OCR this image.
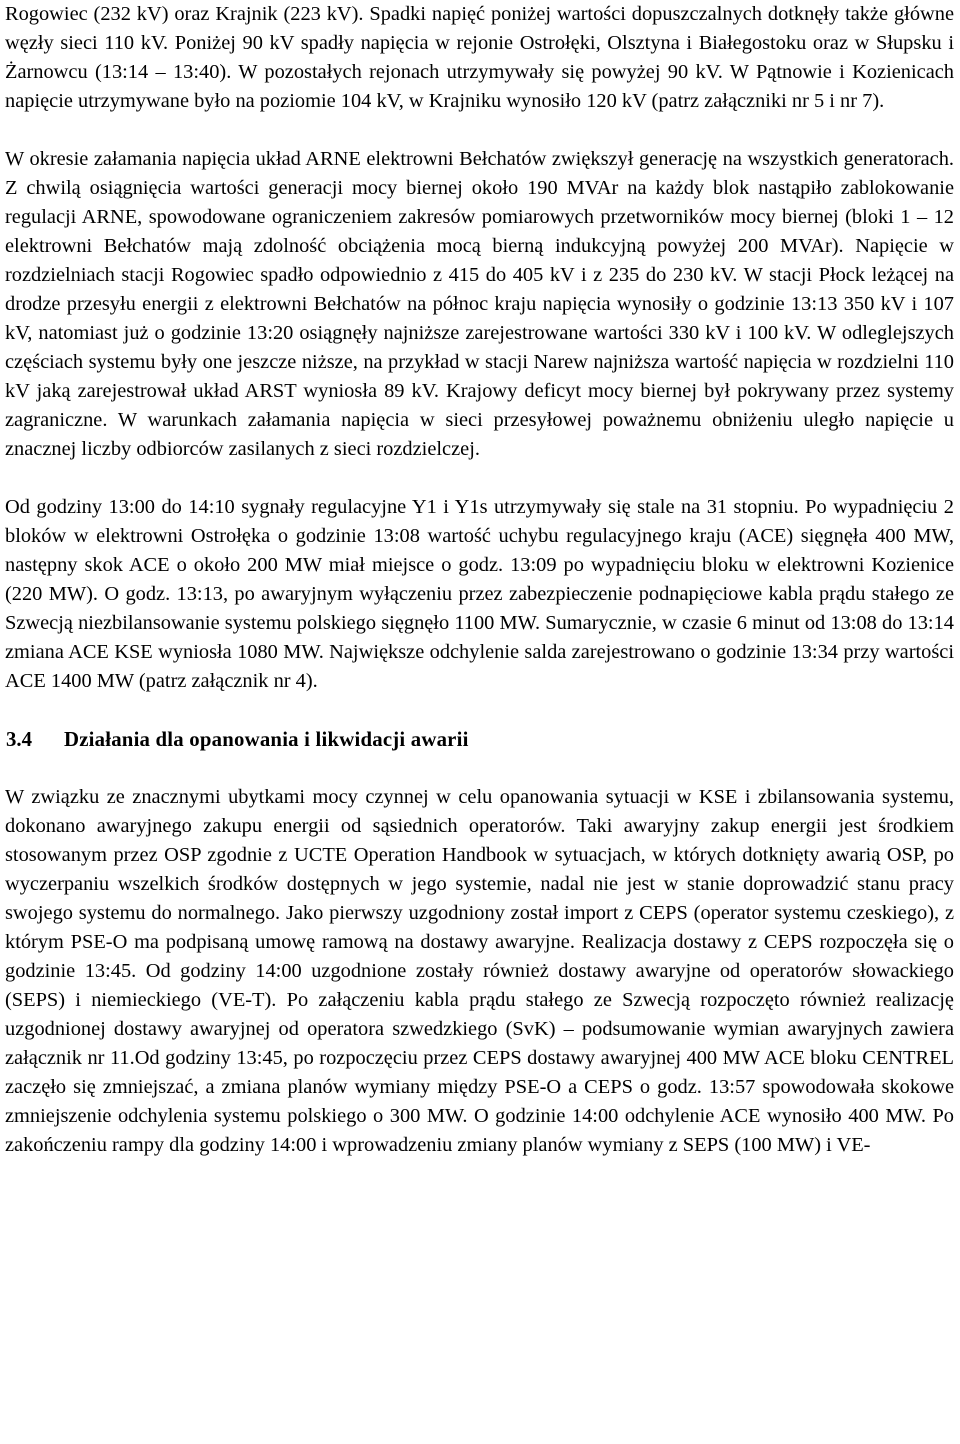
Rogowiec (232 kV) oraz Krajnik (223 kV). Spadki napięć poniżej wartości dopuszczalnych dotknęły także główne węzły sieci 110 kV. Poniżej 90 kV spadły napięcia w rejonie Ostrołęki, Olsztyna i Białegostoku oraz w Słupsku i Żarnowcu (13:14 – 13:40). W pozostałych rejonach utrzymywały się powyżej 90 kV. W Pątnowie i Kozienicach napięcie utrzymywane było na poziomie 104 kV, w Krajniku wynosiło 120 kV (patrz załączniki nr 5 i nr 7).

W okresie załamania napięcia układ ARNE elektrowni Bełchatów zwiększył generację na wszystkich generatorach. Z chwilą osiągnięcia wartości generacji mocy biernej około 190 MVAr na każdy blok nastąpiło zablokowanie regulacji ARNE, spowodowane ograniczeniem zakresów pomiarowych przetworników mocy biernej (bloki 1 – 12 elektrowni Bełchatów mają zdolność obciążenia mocą bierną indukcyjną powyżej 200 MVAr). Napięcie w rozdzielniach stacji Rogowiec spadło odpowiednio z 415 do 405 kV i z 235 do 230 kV. W stacji Płock leżącej na drodze przesyłu energii z elektrowni Bełchatów na północ kraju napięcia wynosiły o godzinie 13:13 350 kV i 107 kV, natomiast już o godzinie 13:20 osiągnęły najniższe zarejestrowane wartości 330 kV i 100 kV. W odleglejszych częściach systemu były one jeszcze niższe, na przykład w stacji Narew najniższa wartość napięcia w rozdzielni 110 kV jaką zarejestrował układ ARST wyniosła 89 kV. Krajowy deficyt mocy biernej był pokrywany przez systemy zagraniczne. W warunkach załamania napięcia w sieci przesyłowej poważnemu obniżeniu uległo napięcie u znacznej liczby odbiorców zasilanych z sieci rozdzielczej.

Od godziny 13:00 do 14:10 sygnały regulacyjne Y1 i Y1s utrzymywały się stale na 31 stopniu. Po wypadnięciu 2 bloków w elektrowni Ostrołęka o godzinie 13:08 wartość uchybu regulacyjnego kraju (ACE) sięgnęła 400 MW, następny skok ACE o około 200 MW miał miejsce o godz. 13:09 po wypadnięciu bloku w elektrowni Kozienice (220 MW). O godz. 13:13, po awaryjnym wyłączeniu przez zabezpieczenie podnapięciowe kabla prądu stałego ze Szwecją niezbilansowanie systemu polskiego sięgnęło 1100 MW. Sumarycznie, w czasie 6 minut od 13:08 do 13:14 zmiana ACE KSE wyniosła 1080 MW. Największe odchylenie salda zarejestrowano o godzinie 13:34 przy wartości ACE 1400 MW (patrz załącznik nr 4).

3.4 Działania dla opanowania i likwidacji awarii

W związku ze znacznymi ubytkami mocy czynnej w celu opanowania sytuacji w KSE i zbilansowania systemu, dokonano awaryjnego zakupu energii od sąsiednich operatorów. Taki awaryjny zakup energii jest środkiem stosowanym przez OSP zgodnie z UCTE Operation Handbook w sytuacjach, w których dotknięty awarią OSP, po wyczerpaniu wszelkich środków dostępnych w jego systemie, nadal nie jest w stanie doprowadzić stanu pracy swojego systemu do normalnego. Jako pierwszy uzgodniony został import z CEPS (operator systemu czeskiego), z którym PSE-O ma podpisaną umowę ramową na dostawy awaryjne. Realizacja dostawy z CEPS rozpoczęła się o godzinie 13:45. Od godziny 14:00 uzgodnione zostały również dostawy awaryjne od operatorów słowackiego (SEPS) i niemieckiego (VE-T). Po załączeniu kabla prądu stałego ze Szwecją rozpoczęto również realizację uzgodnionej dostawy awaryjnej od operatora szwedzkiego (SvK) – podsumowanie wymian awaryjnych zawiera załącznik nr 11.Od godziny 13:45, po rozpoczęciu przez CEPS dostawy awaryjnej 400 MW ACE bloku CENTREL zaczęło się zmniejszać, a zmiana planów wymiany między PSE-O a CEPS o godz. 13:57 spowodowała skokowe zmniejszenie odchylenia systemu polskiego o 300 MW. O godzinie 14:00 odchylenie ACE wynosiło 400 MW. Po zakończeniu rampy dla godziny 14:00 i wprowadzeniu zmiany planów wymiany z SEPS (100 MW) i VE-
